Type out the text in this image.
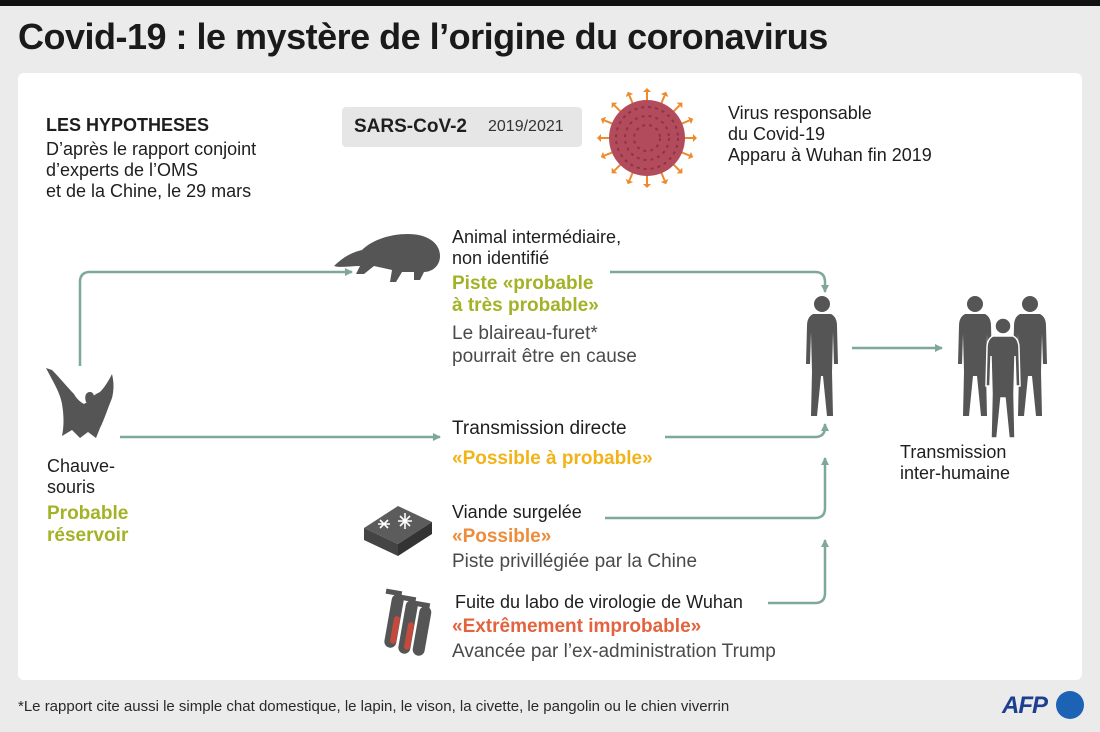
Covid-19 : le mystère de l’origine du coronavirus
LES HYPOTHESES
D’après le rapport conjoint
d’experts de l’OMS
et de la Chine, le 29 mars
SARS-CoV-2 2019/2021
Virus responsable
du Covid-19
Apparu à Wuhan fin 2019
Chauve-
souris
Probable
réservoir
Animal intermédiaire,
non identifié
Piste «probable
à très probable»
Le blaireau-furet*
pourrait être en cause
Transmission directe
«Possible à probable»
Viande surgelée
«Possible»
Piste privillégiée par la Chine
Fuite du labo de virologie de Wuhan
«Extrêmement improbable»
Avancée par l’ex-administration Trump
Transmission
inter-humaine
*Le rapport cite aussi le simple chat domestique, le lapin, le vison, la civette, le pangolin ou le chien viverrin	AFP
